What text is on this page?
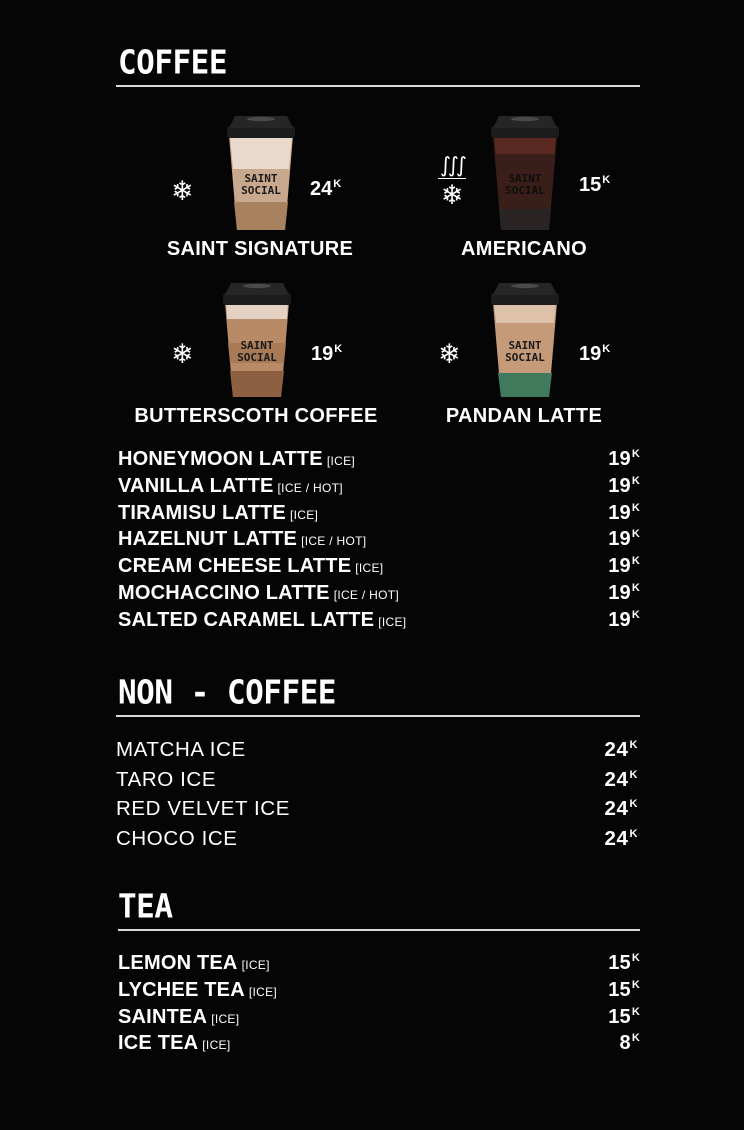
COFFEE
❄	SAINT
SOCIAL $24^K$
SAINT SIGNATURE
∫∫∫
❄
SAINT
SOCIAL $15^K$
AMERICANO
❄	SAINT
SOCIAL $19^K$
BUTTERSCOTH COFFEE
❄	SAINT
SOCIAL $19^K$
PANDAN LATTE
HONEYMOON LATTE [ICE]	$19^K$
VANILLA LATTE [ICE / HOT]	$19^K$
TIRAMISU LATTE [ICE]	$19^K$
HAZELNUT LATTE [ICE / HOT]	$19^K$
CREAM CHEESE LATTE [ICE]	$19^K$
MOCHACCINO LATTE [ICE / HOT]	$19^K$
SALTED CARAMEL LATTE [ICE]	$19^K$
NON - COFFEE
MATCHA ICE	$24^K$
TARO ICE	$24^K$
RED VELVET ICE	$24^K$
CHOCO ICE	$24^K$
TEA
LEMON TEA [ICE]	$15^K$
LYCHEE TEA [ICE]	$15^K$
SAINTEA [ICE]	$15^K$
ICE TEA [ICE]	$8^K$
